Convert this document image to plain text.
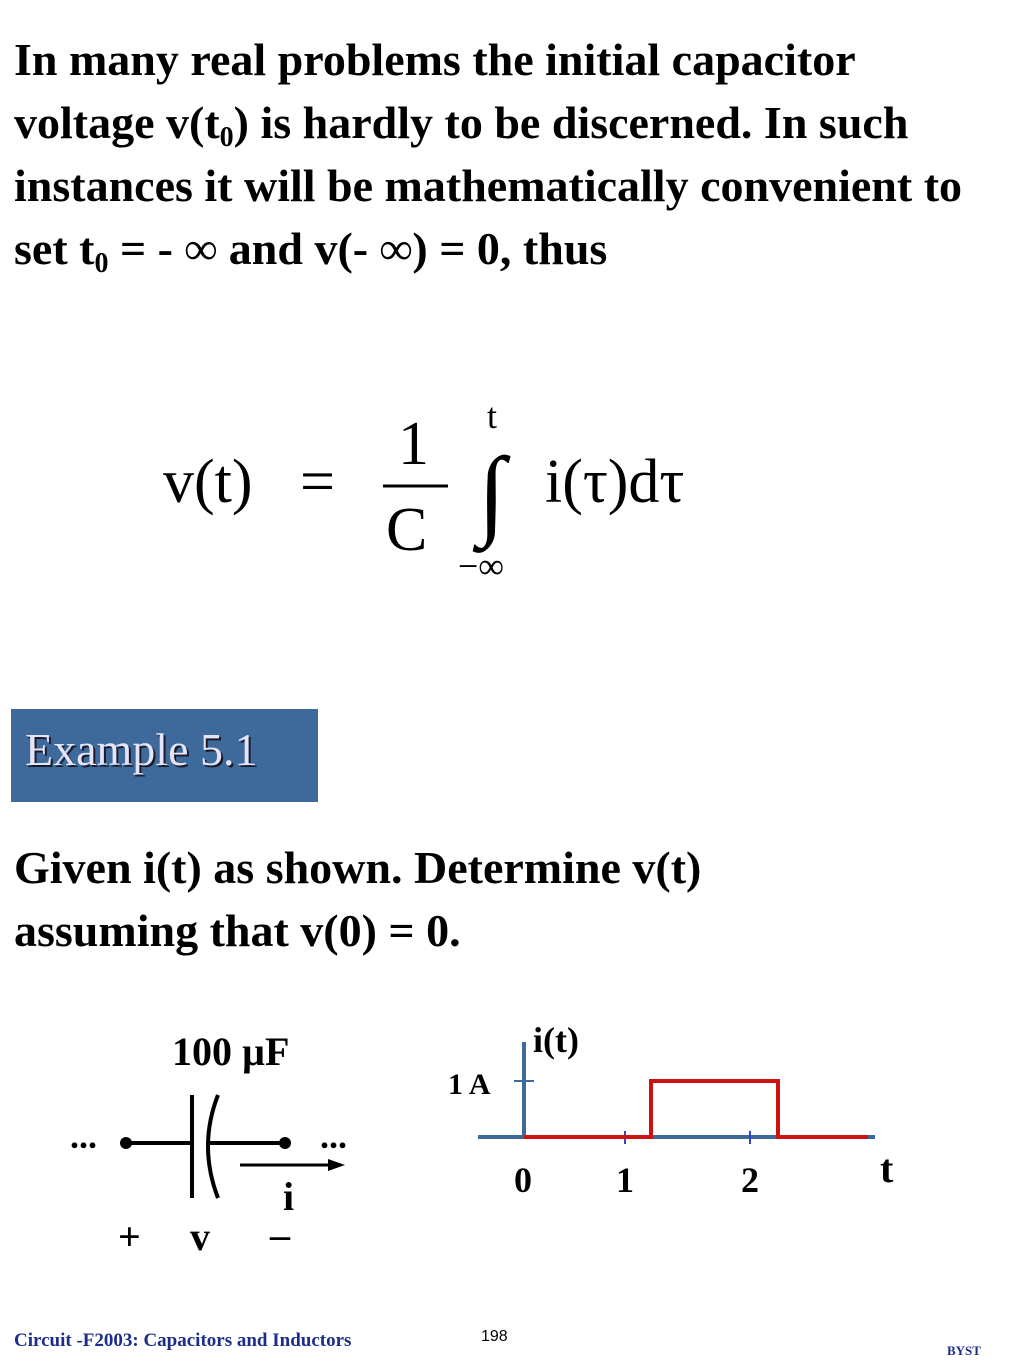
In many real problems the initial capacitor voltage $v(t_0)$ is hardly to be discerned. In such instances it will be mathematically convenient to set $t_0$ = - ∞ and v(- ∞) = 0, thus
v(t) =
1
C
t
∫
−∞
i(τ)dτ
Example 5.1
Given i(t) as shown. Determine v(t)
assuming that v(0) = 0.
100 µF
...	...
i
+ v –
i(t)
1 A
0 1	2	t
Circuit -F2003: Capacitors and Inductors	198
BYST
